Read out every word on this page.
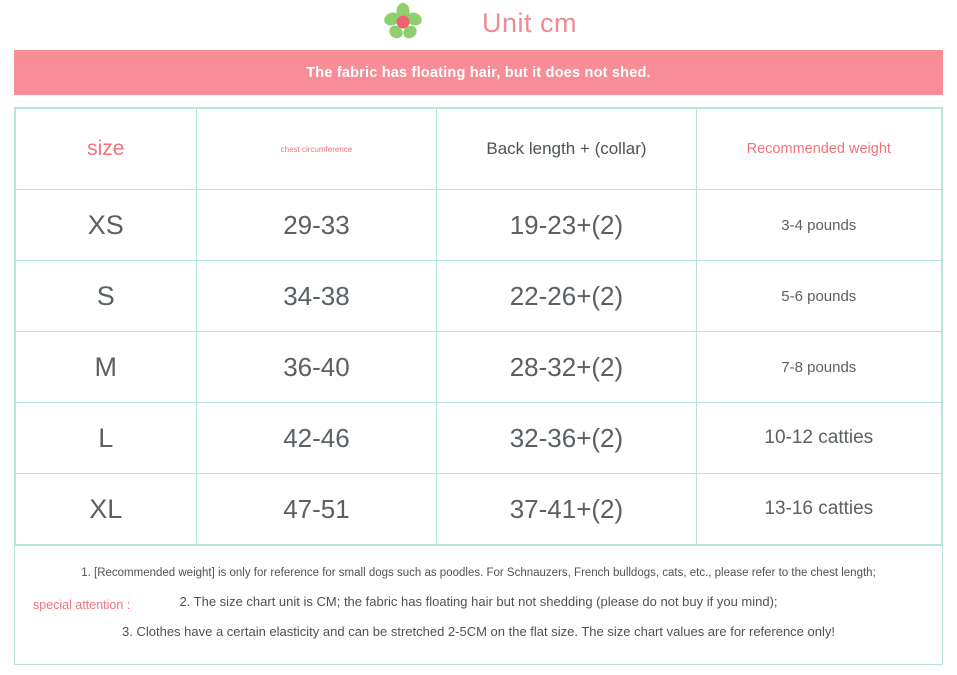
Unit cm
The fabric has floating hair, but it does not shed.
size	chest circumference	Back length + (collar)	Recommended weight
XS	29-33	19-23+(2)	3-4 pounds
S	34-38	22-26+(2)	5-6 pounds
M	36-40	28-32+(2)	7-8 pounds
L	42-46	32-36+(2)	10-12 catties
XL	47-51	37-41+(2)	13-16 catties
special attention :
1. [Recommended weight] is only for reference for small dogs such as poodles. For Schnauzers, French bulldogs, cats, etc., please refer to the chest length;
2. The size chart unit is CM; the fabric has floating hair but not shedding (please do not buy if you mind);
3. Clothes have a certain elasticity and can be stretched 2-5CM on the flat size. The size chart values are for reference only!
